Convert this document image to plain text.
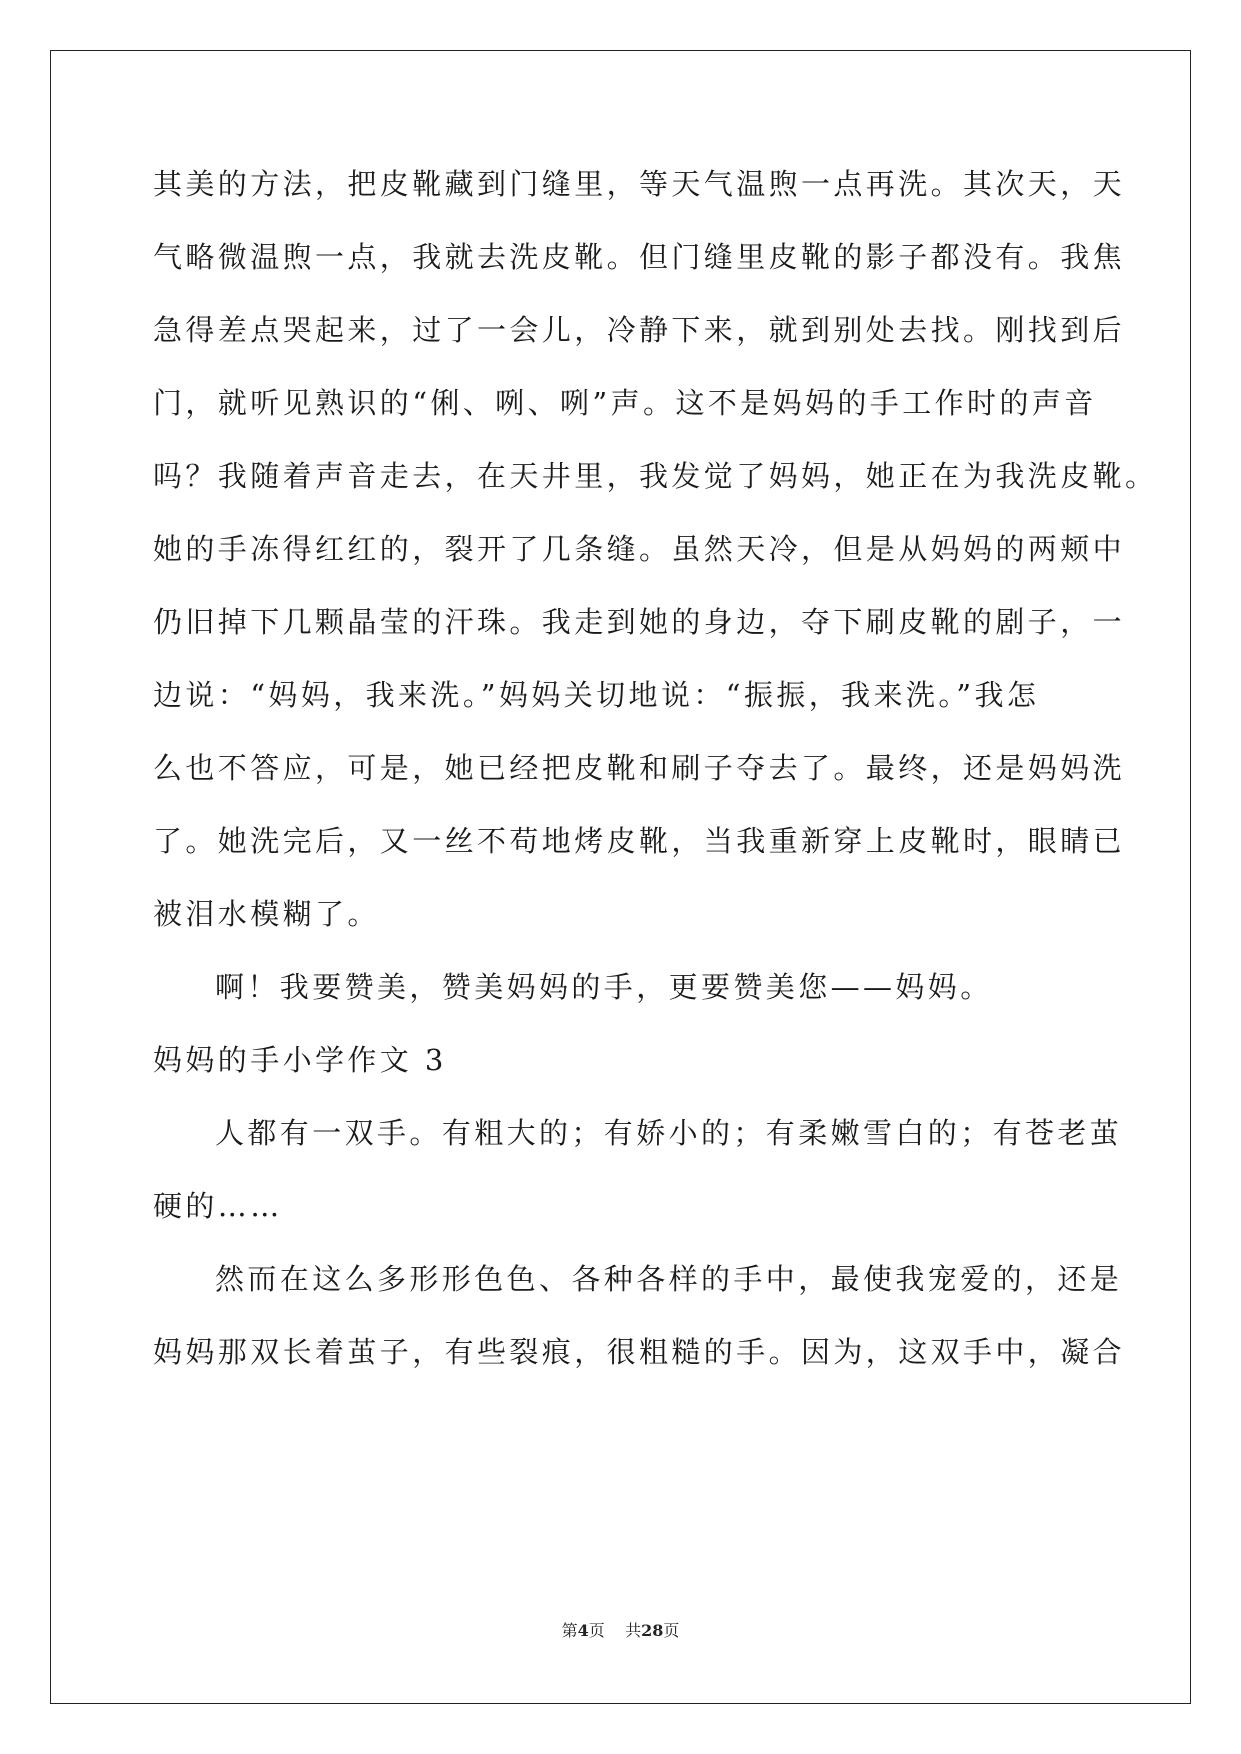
其美的方法，把皮靴藏到门缝里，等天气温煦一点再洗。其次天，天
气略微温煦一点，我就去洗皮靴。但门缝里皮靴的影子都没有。我焦
急得差点哭起来，过了一会儿，冷静下来，就到别处去找。刚找到后
门，就听见熟识的“俐、咧、咧”声。这不是妈妈的手工作时的声音
吗？我随着声音走去，在天井里，我发觉了妈妈，她正在为我洗皮靴。
她的手冻得红红的，裂开了几条缝。虽然天冷，但是从妈妈的两颊中
仍旧掉下几颗晶莹的汗珠。我走到她的身边，夺下刷皮靴的剧子，一
边说：“妈妈，我来洗。”妈妈关切地说：“振振，我来洗。”我怎
么也不答应，可是，她已经把皮靴和刷子夺去了。最终，还是妈妈洗
了。她洗完后，又一丝不苟地烤皮靴，当我重新穿上皮靴时，眼睛已
被泪水模糊了。
啊！我要赞美，赞美妈妈的手，更要赞美您——妈妈。
妈妈的手小学作文 3
人都有一双手。有粗大的；有娇小的；有柔嫩雪白的；有苍老茧
硬的……
然而在这么多形形色色、各种各样的手中，最使我宠爱的，还是
妈妈那双长着茧子，有些裂痕，很粗糙的手。因为，这双手中，凝合
第4页 共28页
